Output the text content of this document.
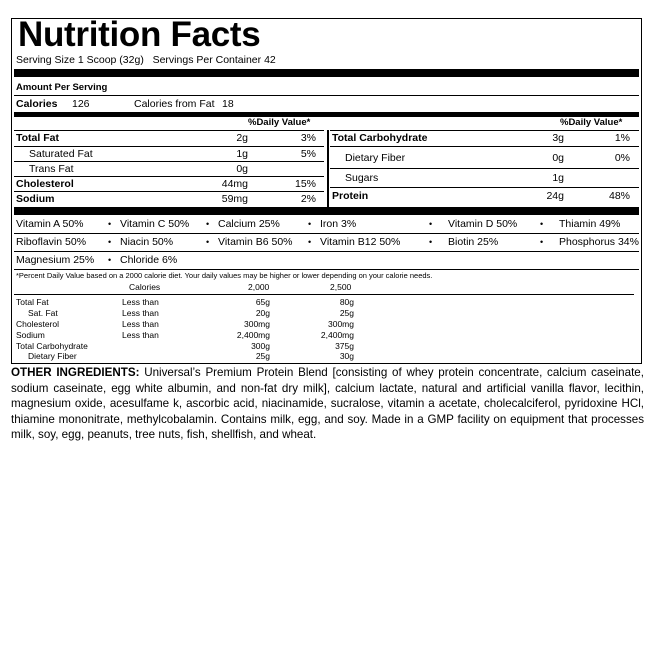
Nutrition Facts
Serving Size 1 Scoop (32g) Servings Per Container 42
Amount Per Serving
Calories 126	Calories from Fat 18
%Daily Value*
Total Fat	2g	3%
Saturated Fat	1g	5%
Trans Fat	0g
Cholesterol	44mg	15%
Sodium	59mg	2%
%Daily Value*
Total Carbohydrate	3g	1%
Dietary Fiber	0g	0%
Sugars	1g
Protein	24g	48%
Vitamin A 50%	• Vitamin C 50% • Calcium 25%	• Iron 3%	• Vitamin D 50%	• Thiamin 49%
Riboflavin 50% • Niacin 50%	• Vitamin B6 50% • Vitamin B12 50%	• Biotin 25%	• Phosphorus 34%
Magnesium 25% • Chloride 6%
*Percent Daily Value based on a 2000 calorie diet. Your daily values may be higher or lower depending on your calorie needs.
Calories	2,000	2,500
Total Fat	Less than	65g	80g
Sat. Fat	Less than	20g	25g
Cholesterol	Less than	300mg	300mg
Sodium	Less than	2,400mg	2,400mg
Total Carbohydrate	300g	375g
Dietary Fiber	25g	30g
OTHER INGREDIENTS: Universal’s Premium Protein Blend [consisting of whey protein concentrate, calcium caseinate, sodium caseinate, egg white albumin, and non-fat dry milk], calcium lactate, natural and artificial vanilla flavor, lecithin, magnesium oxide, acesulfame k, ascorbic acid, niacinamide, sucralose, vitamin a acetate, cholecalciferol, pyridoxine HCl, thiamine mononitrate, methylcobalamin. Contains milk, egg, and soy. Made in a GMP facility on equipment that processes milk, soy, egg, peanuts, tree nuts, fish, shellfish, and wheat.
